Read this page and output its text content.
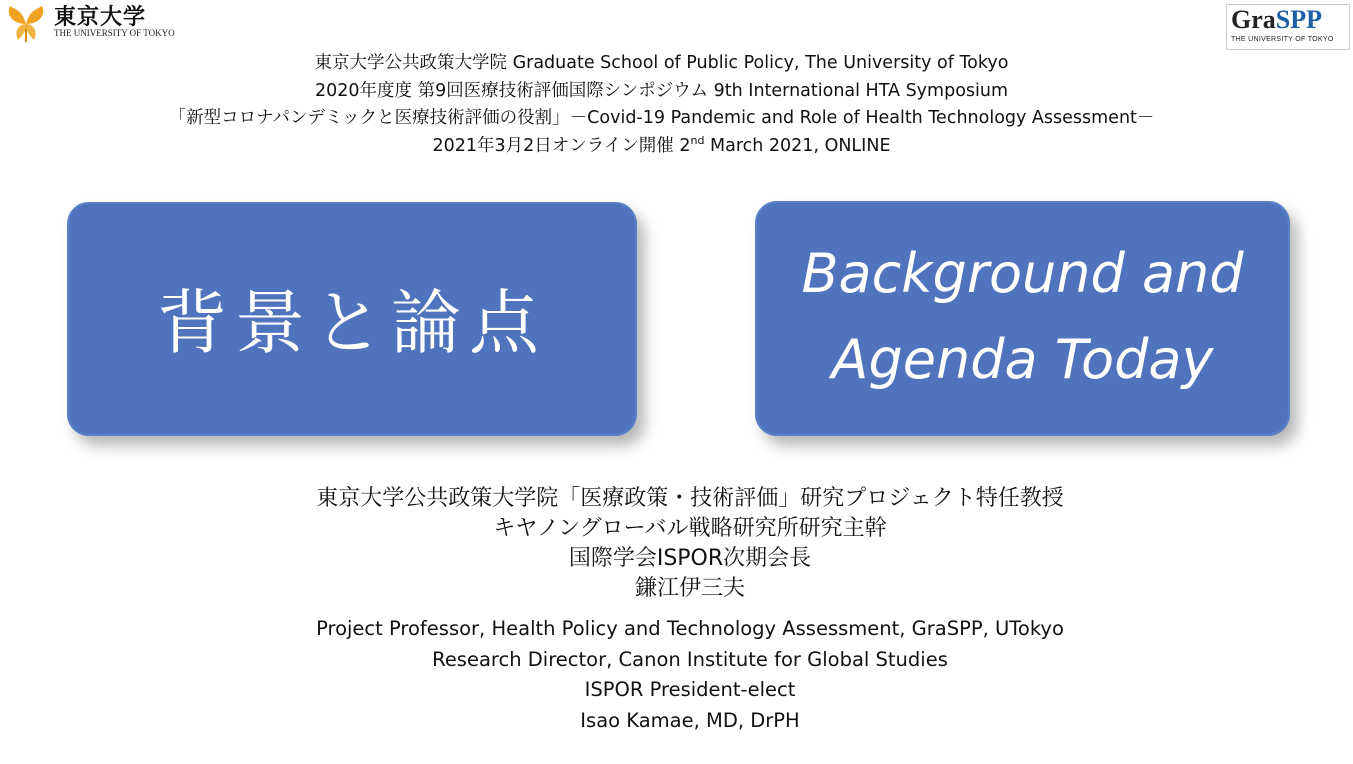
東京大学
THE UNIVERSITY OF TOKYO	GraSPP
THE UNIVERSITY OF TOKYO
東京大学公共政策大学院 Graduate School of Public Policy, The University of Tokyo
2020年度度 第9回医療技術評価国際シンポジウム 9th International HTA Symposium
「新型コロナパンデミックと医療技術評価の役割」－Covid-19 Pandemic and Role of Health Technology Assessment－
2021年3月2日オンライン開催 2nd March 2021, ONLINE
背景と論点
Background and
Agenda Today
東京大学公共政策大学院「医療政策・技術評価」研究プロジェクト特任教授
キヤノングローバル戦略研究所研究主幹
国際学会ISPOR次期会長
鎌江伊三夫
Project Professor, Health Policy and Technology Assessment, GraSPP, UTokyo
Research Director, Canon Institute for Global Studies
ISPOR President-elect
Isao Kamae, MD, DrPH
